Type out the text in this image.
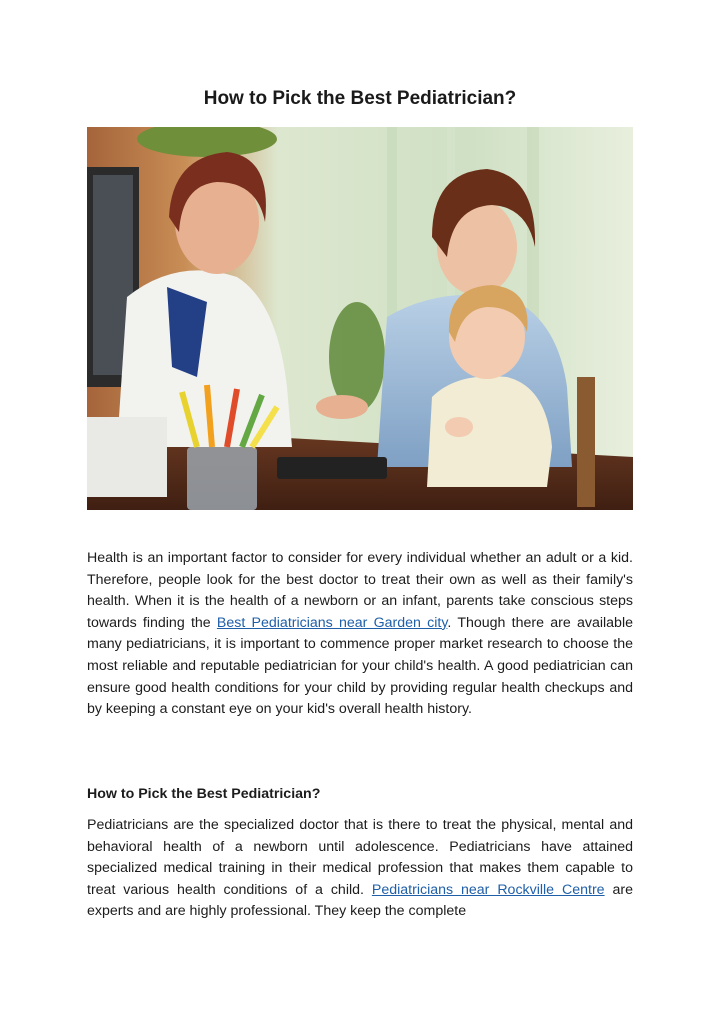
How to Pick the Best Pediatrician?

Health is an important factor to consider for every individual whether an adult or a kid. Therefore, people look for the best doctor to treat their own as well as their family's health. When it is the health of a newborn or an infant, parents take conscious steps towards finding the Best Pediatricians near Garden city. Though there are available many pediatricians, it is important to commence proper market research to choose the most reliable and reputable pediatrician for your child's health. A good pediatrician can ensure good health conditions for your child by providing regular health checkups and by keeping a constant eye on your kid's overall health history.

How to Pick the Best Pediatrician?

Pediatricians are the specialized doctor that is there to treat the physical, mental and behavioral health of a newborn until adolescence. Pediatricians have attained specialized medical training in their medical profession that makes them capable to treat various health conditions of a child. Pediatricians near Rockville Centre are experts and are highly professional. They keep the complete
